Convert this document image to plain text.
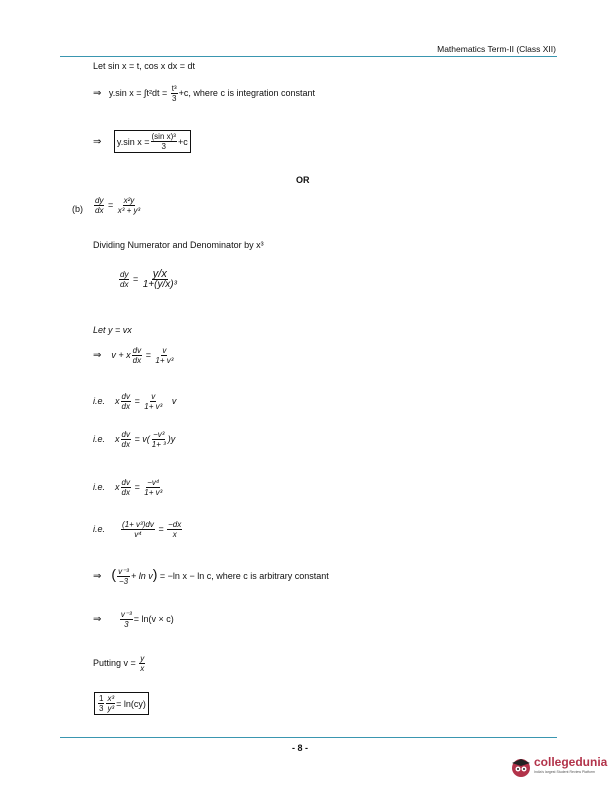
Mathematics Term-II (Class XII)
Let sin x = t, cos x dx = dt
⇒ y.sin $x = \int t^2dt = \frac{\text{t³}}{3} +c$, where c is integration constant
⇒ y.sin $x = \frac{\text{(sin x)³}}{3} +c$
OR
$(b) \frac{dy}{dx} = \frac{\text{x²y}}{\text{x³ + y³}}$
Dividing Numerator and Denominator by x³
$\frac{dy}{dx} = \frac{y/x}{\text{1+(y/x)³}}$
Let y = vx
⇒ v + x $\frac{dv}{dx} = \frac{v}{\text{1+ v³}}$
i.e. x $\frac{dv}{dx} = \frac{v}{\text{1+ v³}}$ v
i.e. x $\frac{dv}{dx} = v( \frac{\text{−v³}}{\text{1+ ³}} )y$
i.e. x $\frac{dv}{dx} = \frac{\text{−v⁴}}{\text{1+ v³}}$
i.e. $\frac{\text{(1+ v³)dv}}{\text{v⁴}} = \frac{-dx}{x}$
⇒ ( $\frac{\text{v⁻³}}{-3} + \ln v) = -\ln$ x − ln c, where c is arbitrary constant
⇒ $\frac{\text{v⁻³}}{3} = \ln(v \times c)$
Putting $v = \frac{y}{x}$
$\frac{1}{3} \frac{\text{x³}}{\text{y³}} = \ln(cy)$
- 8 -
collegedunia
India's largest Student Review Platform
